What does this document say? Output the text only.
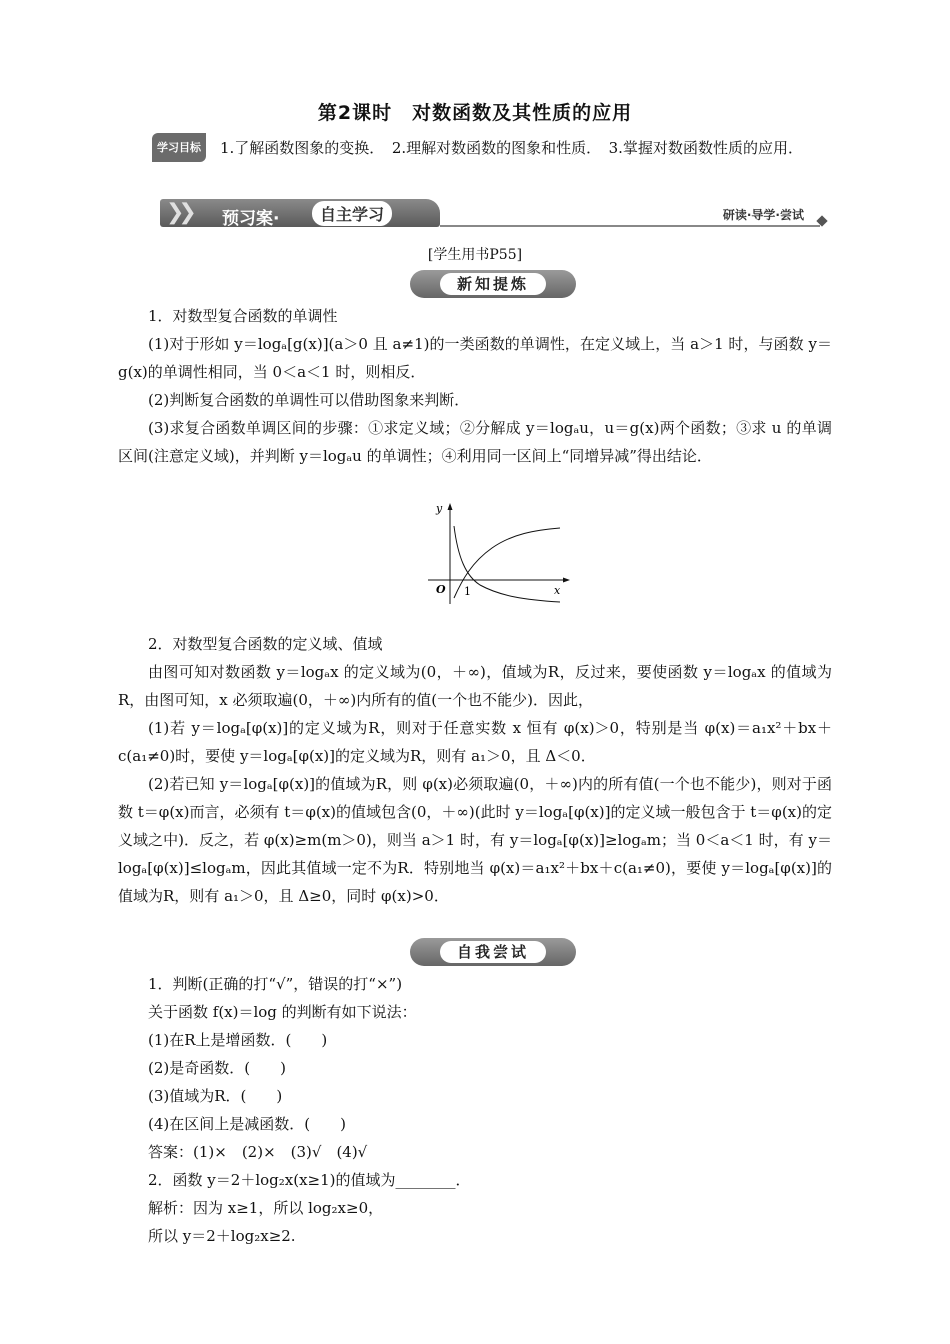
第2课时　对数函数及其性质的应用
学习目标 1.了解函数图象的变换．　2.理解对数函数的图象和性质．　3.掌握对数函数性质的应用．
❯❯ 预习案·	自主学习	研读·导学·尝试
[学生用书P55]
新知提炼
1．对数型复合函数的单调性
(1)对于形如 y＝logₐ[g(x)](a＞0 且 a≠1)的一类函数的单调性，在定义域上，当 a＞1 时，与函数 y＝g(x)的单调性相同，当 0＜a＜1 时，则相反．
(2)判断复合函数的单调性可以借助图象来判断．
(3)求复合函数单调区间的步骤：①求定义域；②分解成 y＝logₐu，u＝g(x)两个函数；③求 u 的单调区间(注意定义域)，并判断 y＝logₐu 的单调性；④利用同一区间上“同增异减”得出结论．
y
x
O 1
2．对数型复合函数的定义域、值域
由图可知对数函数 y＝logₐx 的定义域为(0，＋∞)，值域为R，反过来，要使函数 y＝logₐx 的值域为R，由图可知，x 必须取遍(0，＋∞)内所有的值(一个也不能少)．因此，
(1)若 y＝logₐ[φ(x)]的定义域为R，则对于任意实数 x 恒有 φ(x)＞0，特别是当 φ(x)＝a₁x²＋bx＋c(a₁≠0)时，要使 y＝logₐ[φ(x)]的定义域为R，则有 a₁＞0，且 Δ＜0．
(2)若已知 y＝logₐ[φ(x)]的值域为R，则 φ(x)必须取遍(0，＋∞)内的所有值(一个也不能少)，则对于函数 t＝φ(x)而言，必须有 t＝φ(x)的值域包含(0，＋∞)(此时 y＝logₐ[φ(x)]的定义域一般包含于 t＝φ(x)的定义域之中)．反之，若 φ(x)≥m(m＞0)，则当 a＞1 时，有 y＝logₐ[φ(x)]≥logₐm；当 0＜a＜1 时，有 y＝logₐ[φ(x)]≤logₐm，因此其值域一定不为R．特别地当 φ(x)＝a₁x²＋bx＋c(a₁≠0)，要使 y＝logₐ[φ(x)]的值域为R，则有 a₁＞0，且 Δ≥0，同时 φ(x)>0．
自我尝试
1．判断(正确的打“√”，错误的打“×”)
关于函数 f(x)＝log 的判断有如下说法：
(1)在R上是增函数．(　　)
(2)是奇函数．(　　)
(3)值域为R．(　　)
(4)在区间上是减函数．(　　)
答案：(1)×　(2)×　(3)√　(4)√
2．函数 y＝2＋log₂x(x≥1)的值域为________．
解析：因为 x≥1，所以 log₂x≥0，
所以 y＝2＋log₂x≥2.
